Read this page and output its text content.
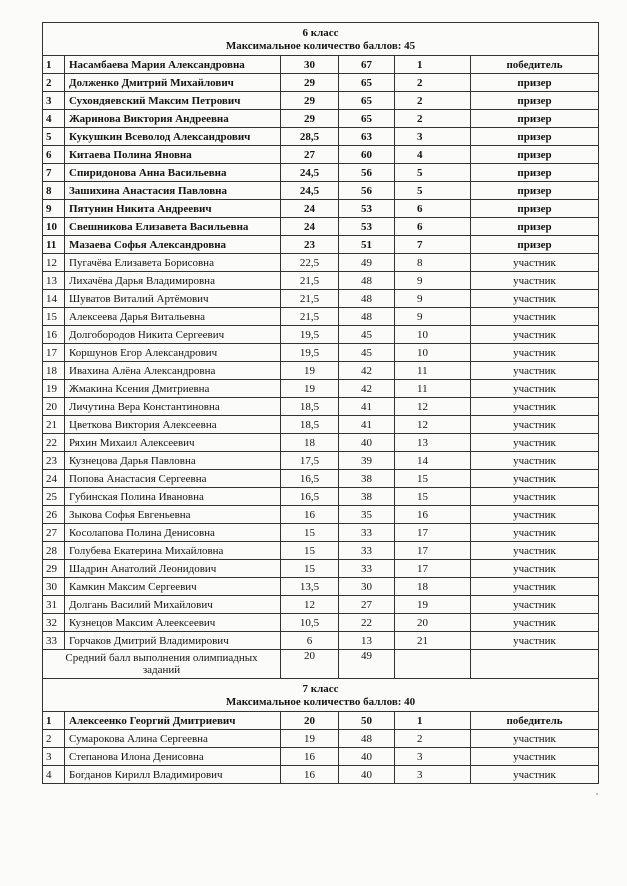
6 класс
Максимальное количество баллов: 45					

1	Насамбаева Мария Александровна	30	67	1	победитель
2	Долженко Дмитрий Михайлович	29	65	2	призер
3	Сухондяевский Максим Петрович	29	65	2	призер
4	Жаринова Виктория Андреевна	29	65	2	призер
5	Кукушкин Всеволод Александрович	28,5	63	3	призер
6	Китаева Полина Яновна	27	60	4	призер
7	Спиридонова Анна Васильевна	24,5	56	5	призер
8	Зашихина Анастасия Павловна	24,5	56	5	призер
9	Пятунин Никита Андреевич	24	53	6	призер
10	Свешникова Елизавета Васильевна	24	53	6	призер
11	Мазаева Софья Александровна	23	51	7	призер
12	Пугачёва Елизавета Борисовна	22,5	49	8	участник
13	Лихачёва Дарья Владимировна	21,5	48	9	участник
14	Шуватов Виталий Артёмович	21,5	48	9	участник
15	Алексеева Дарья Витальевна	21,5	48	9	участник
16	Долгобородов Никита Сергеевич	19,5	45	10	участник
17	Коршунов Егор Александрович	19,5	45	10	участник
18	Ивахина Алёна Александровна	19	42	11	участник
19	Жмакина Ксения Дмитриевна	19	42	11	участник
20	Личутина Вера Константиновна	18,5	41	12	участник
21	Цветкова Виктория Алексеевна	18,5	41	12	участник
22	Ряхин Михаил Алексеевич	18	40	13	участник
23	Кузнецова Дарья Павловна	17,5	39	14	участник
24	Попова Анастасия Сергеевна	16,5	38	15	участник
25	Губинская Полина Ивановна	16,5	38	15	участник
26	Зыкова Софья Евгеньевна	16	35	16	участник
27	Косолапова Полина Денисовна	15	33	17	участник
28	Голубева Екатерина Михайловна	15	33	17	участник
29	Шадрин Анатолий Леонидович	15	33	17	участник
30	Камкин Максим Сергеевич	13,5	30	18	участник
31	Долгань Василий Михайлович	12	27	19	участник
32	Кузнецов Максим Алеексеевич	10,5	22	20	участник
33	Горчаков Дмитрий Владимирович	6	13	21	участник
Средний балл выполнения олимпиадных заданий		20	49		

7 класс
Максимальное количество баллов: 40					

1	Алексеенко Георгий Дмитриевич	20	50	1	победитель
2	Сумарокова Алина Сергеевна	19	48	2	участник
3	Степанова Илона Денисовна	16	40	3	участник
4	Богданов Кирилл Владимирович	16	40	3	участник
